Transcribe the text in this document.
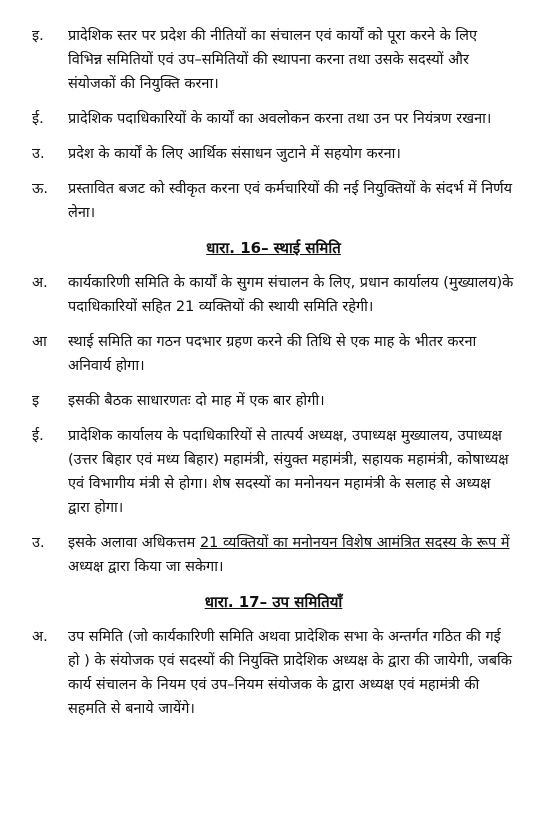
इ.	प्रादेशिक स्तर पर प्रदेश की नीतियों का संचालन एवं कार्यों को पूरा करने के लिए विभिन्न समितियों एवं उप–समितियों की स्थापना करना तथा उसके सदस्यों और संयोजकों की नियुक्ति करना।
ई.	प्रादेशिक पदाधिकारियों के कार्यों का अवलोकन करना तथा उन पर नियंत्रण रखना।
उ.	प्रदेश के कार्यों के लिए आर्थिक संसाधन जुटाने में सहयोग करना।
ऊ.	प्रस्तावित बजट को स्वीकृत करना एवं कर्मचारियों की नई नियुक्तियों के संदर्भ में निर्णय लेना।
धारा. 16– स्थाई समिति
अ.	कार्यकारिणी समिति के कार्यों के सुगम संचालन के लिए, प्रधान कार्यालय (मुख्यालय)के पदाधिकारियों सहित 21 व्यक्तियों की स्थायी समिति रहेगी।
आ	स्थाई समिति का गठन पदभार ग्रहण करने की तिथि से एक माह के भीतर करना अनिवार्य होगा।
इ	इसकी बैठक साधारणतः दो माह में एक बार होगी।
ई.	प्रादेशिक कार्यालय के पदाधिकारियों से तात्पर्य अध्यक्ष, उपाध्यक्ष मुख्यालय, उपाध्यक्ष (उत्तर बिहार एवं मध्य बिहार) महामंत्री, संयुक्त महामंत्री, सहायक महामंत्री, कोषाध्यक्ष एवं विभागीय मंत्री से होगा। शेष सदस्यों का मनोनयन महामंत्री के सलाह से अध्यक्ष द्वारा होगा।
उ.	इसके अलावा अधिकत्तम 21 व्यक्तियों का मनोनयन विशेष आमंत्रित सदस्य के रूप में अध्यक्ष द्वारा किया जा सकेगा।
धारा. 17– उप समितियाँ
अ.	उप समिति (जो कार्यकारिणी समिति अथवा प्रादेशिक सभा के अन्तर्गत गठित की गई हो ) के संयोजक एवं सदस्यों की नियुक्ति प्रादेशिक अध्यक्ष के द्वारा की जायेगी, जबकि कार्य संचालन के नियम एवं उप–नियम संयोजक के द्वारा अध्यक्ष एवं महामंत्री की सहमति से बनाये जायेंगे।
